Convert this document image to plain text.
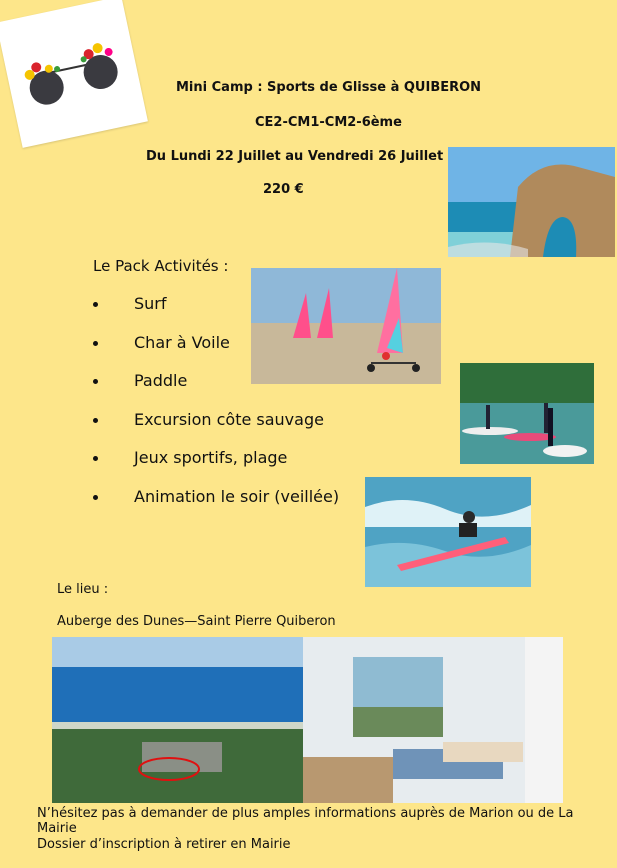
Mini Camp : Sports de Glisse à QUIBERON
CE2-CM1-CM2-6ème
Du Lundi 22 Juillet au Vendredi 26 Juillet
220 €
Le Pack Activités :
Surf
Char à Voile
Paddle
Excursion côte sauvage
Jeux sportifs, plage
Animation le soir (veillée)
Le lieu :
Auberge des Dunes—Saint Pierre Quiberon
N’hésitez pas à demander de plus amples informations auprès de Marion ou de La Mairie
Dossier d’inscription à retirer en Mairie
